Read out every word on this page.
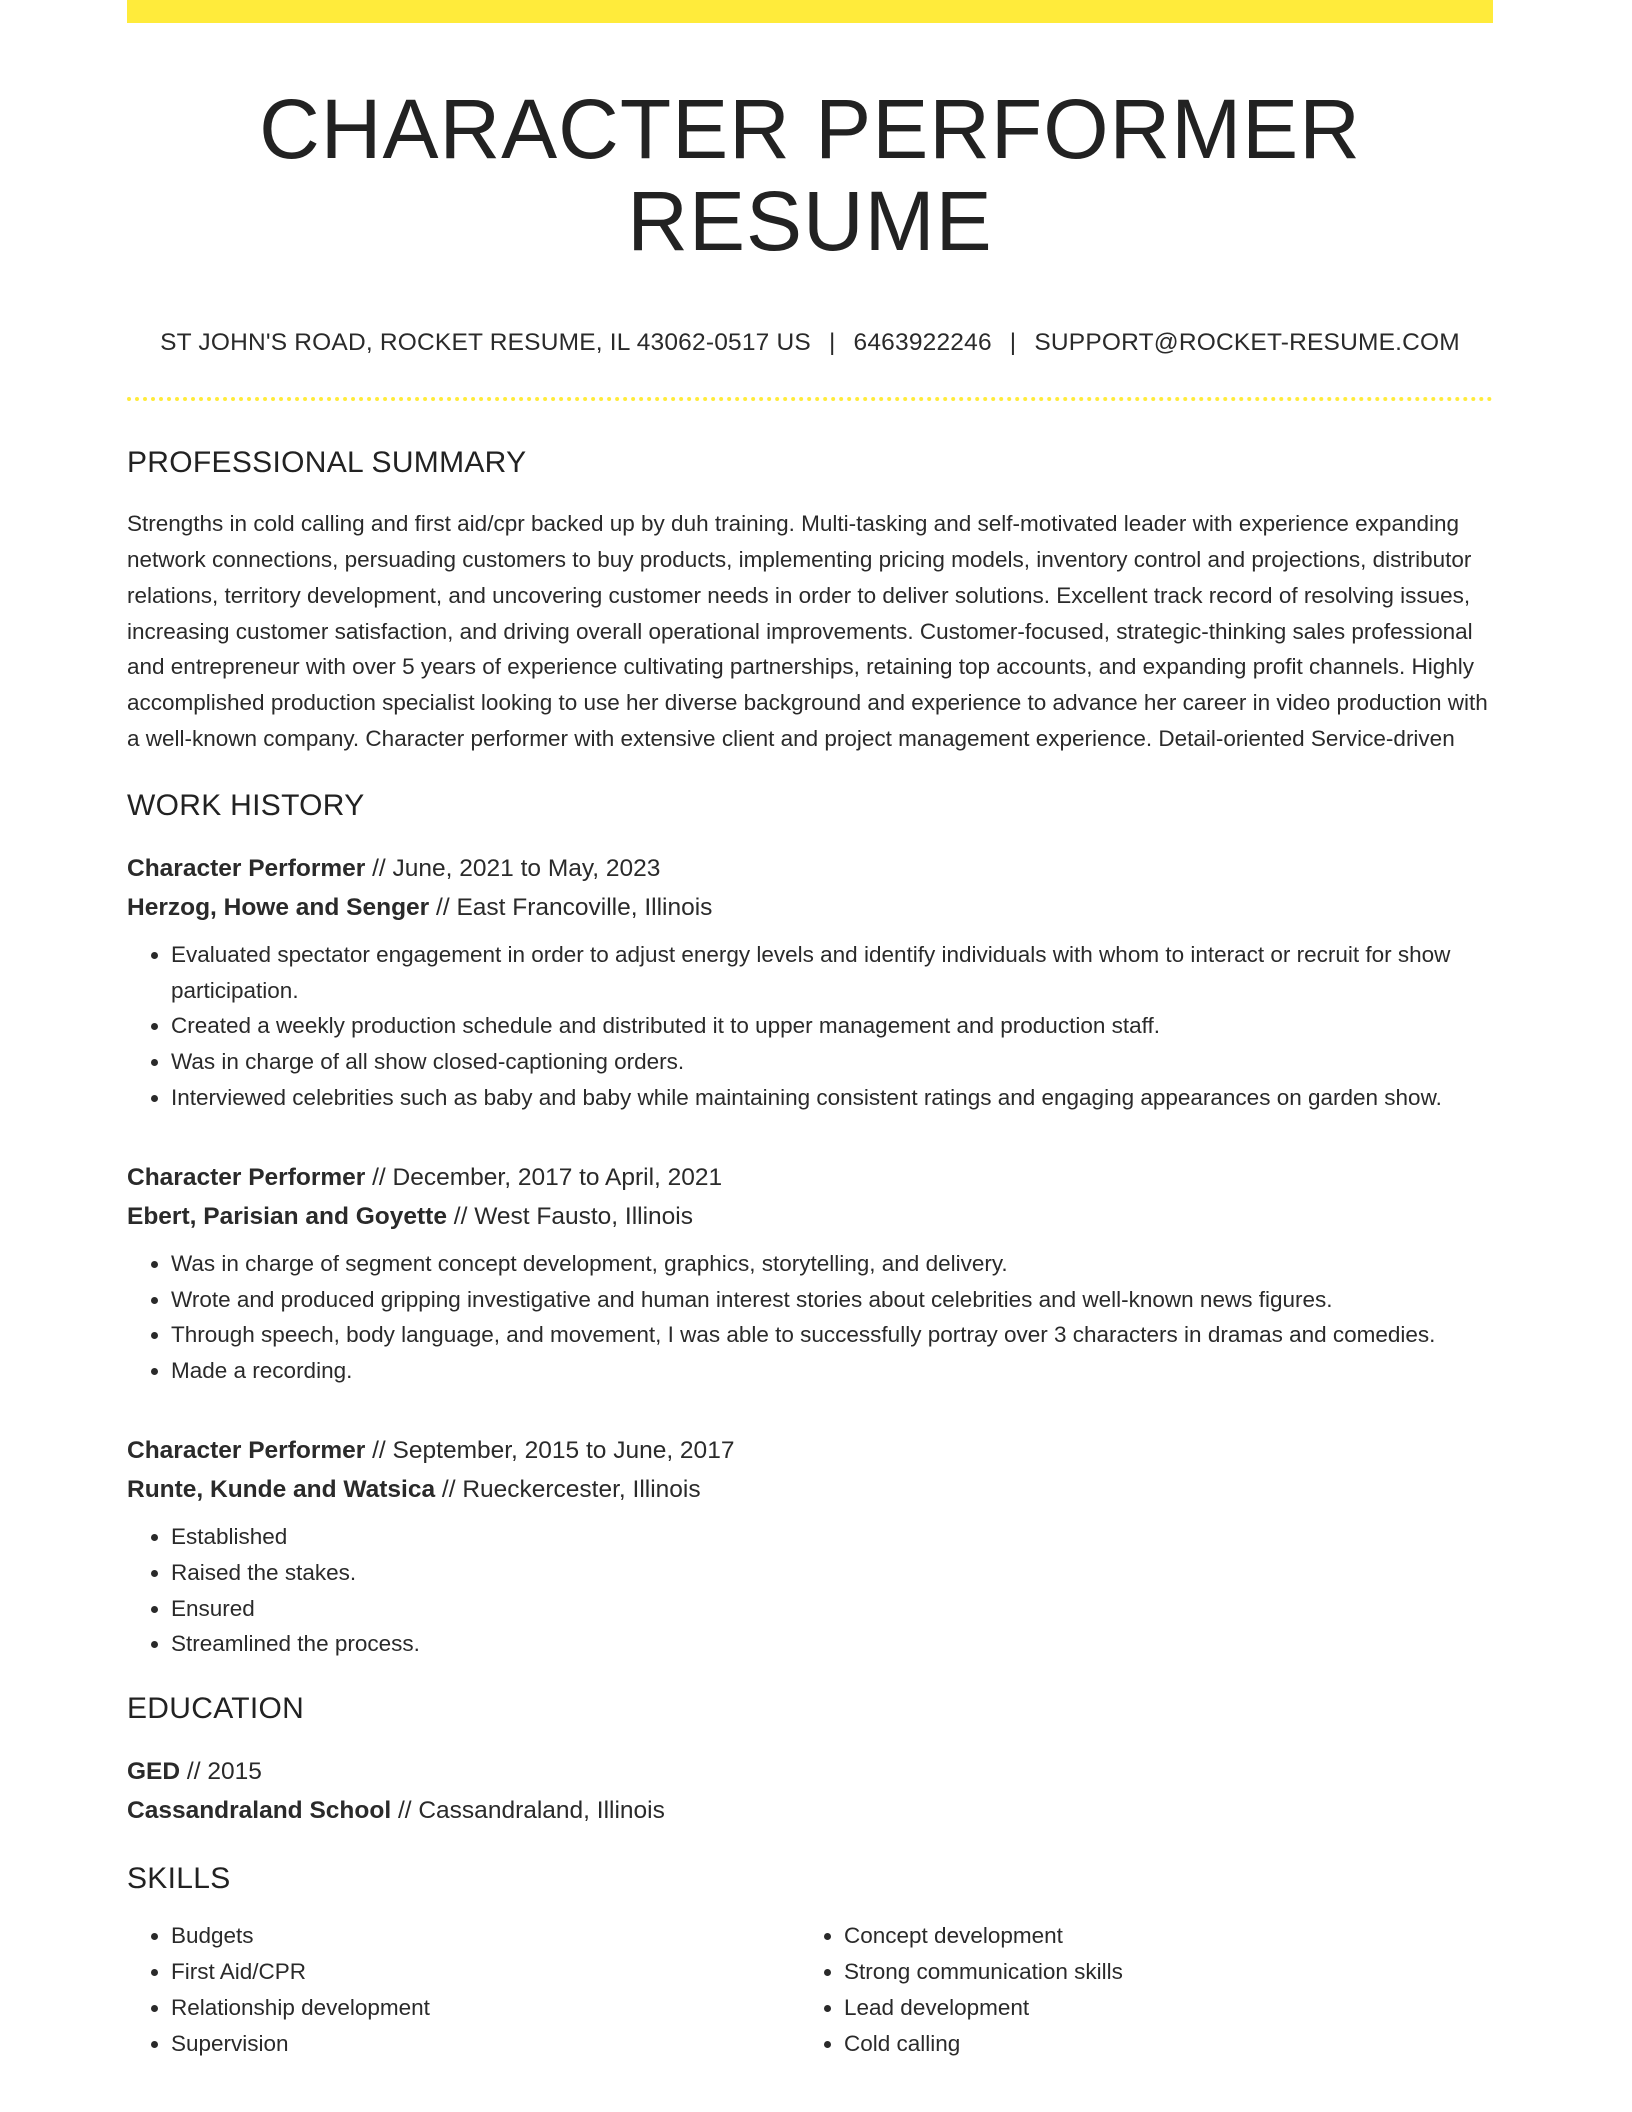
CHARACTER PERFORMER RESUME
ST JOHN'S ROAD, ROCKET RESUME, IL 43062-0517 US | 6463922246 | SUPPORT@ROCKET-RESUME.COM
PROFESSIONAL SUMMARY
Strengths in cold calling and first aid/cpr backed up by duh training. Multi-tasking and self-motivated leader with experience expanding network connections, persuading customers to buy products, implementing pricing models, inventory control and projections, distributor relations, territory development, and uncovering customer needs in order to deliver solutions. Excellent track record of resolving issues, increasing customer satisfaction, and driving overall operational improvements. Customer-focused, strategic-thinking sales professional and entrepreneur with over 5 years of experience cultivating partnerships, retaining top accounts, and expanding profit channels. Highly accomplished production specialist looking to use her diverse background and experience to advance her career in video production with a well-known company. Character performer with extensive client and project management experience. Detail-oriented Service-driven
WORK HISTORY
Character Performer // June, 2021 to May, 2023
Herzog, Howe and Senger // East Francoville, Illinois
• Evaluated spectator engagement in order to adjust energy levels and identify individuals with whom to interact or recruit for show participation.
• Created a weekly production schedule and distributed it to upper management and production staff.
• Was in charge of all show closed-captioning orders.
• Interviewed celebrities such as baby and baby while maintaining consistent ratings and engaging appearances on garden show.
Character Performer // December, 2017 to April, 2021
Ebert, Parisian and Goyette // West Fausto, Illinois
• Was in charge of segment concept development, graphics, storytelling, and delivery.
• Wrote and produced gripping investigative and human interest stories about celebrities and well-known news figures.
• Through speech, body language, and movement, I was able to successfully portray over 3 characters in dramas and comedies.
• Made a recording.
Character Performer // September, 2015 to June, 2017
Runte, Kunde and Watsica // Rueckercester, Illinois
• Established
• Raised the stakes.
• Ensured
• Streamlined the process.
EDUCATION
GED // 2015
Cassandraland School // Cassandraland, Illinois
SKILLS
• Budgets
• First Aid/CPR
• Relationship development
• Supervision
• Concept development
• Strong communication skills
• Lead development
• Cold calling
